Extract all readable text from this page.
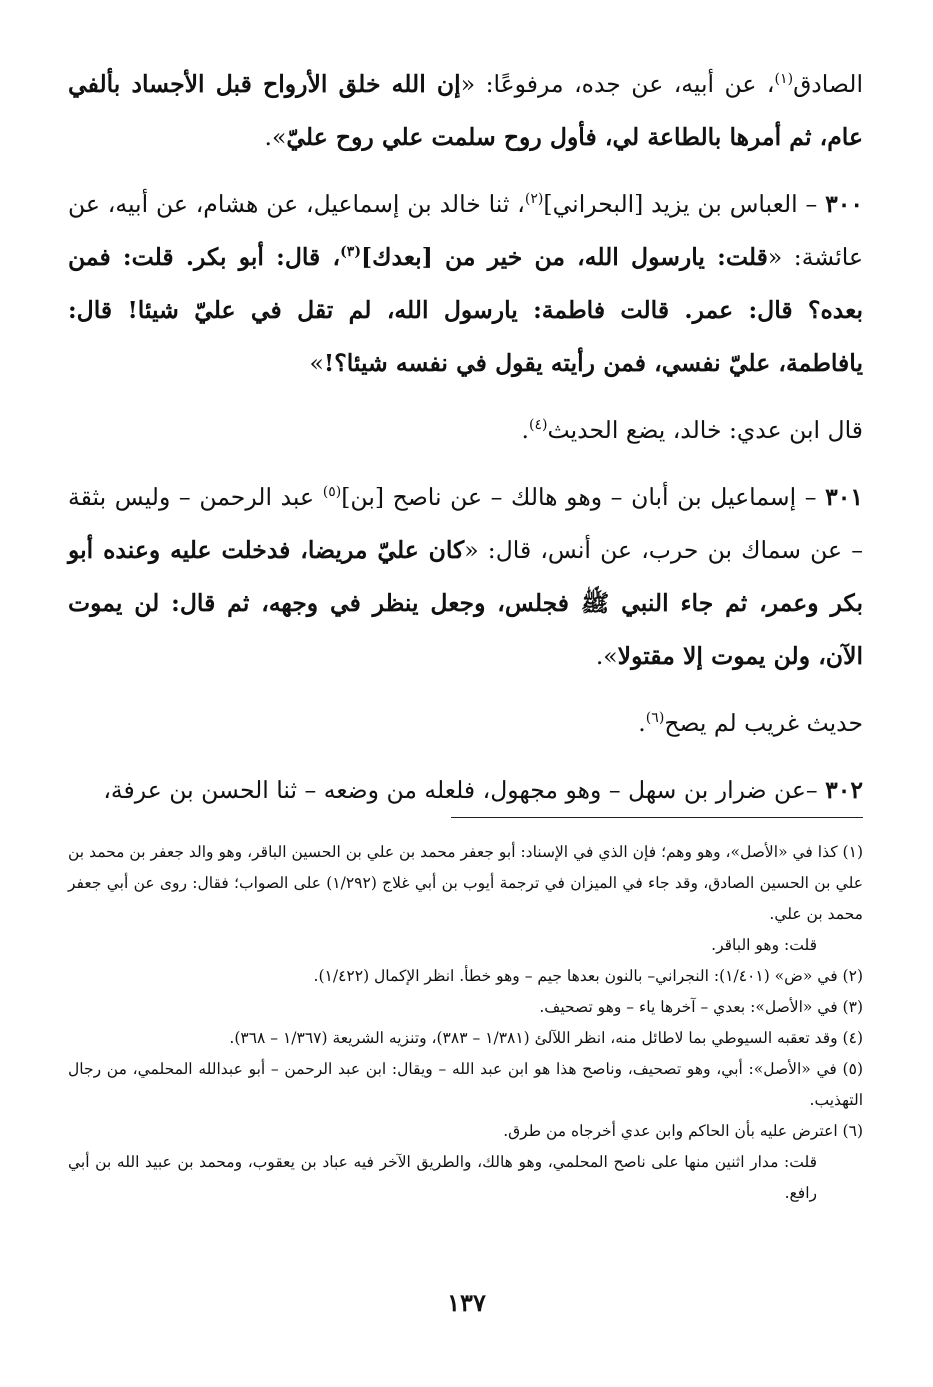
الصادق$^{(١)}$، عن أبيه، عن جده، مرفوعًا: «إن الله خلق الأرواح قبل الأجساد بألفي عام، ثم أمرها بالطاعة لي، فأول روح سلمت علي روح عليّ».

٣٠٠ – العباس بن يزيد [البحراني]$^{(٢)}$، ثنا خالد بن إسماعيل، عن هشام، عن أبيه، عن عائشة: «قلت: يارسول الله، من خير من [بعدك]$^{(٣)}$، قال: أبو بكر. قلت: فمن بعده؟ قال: عمر. قالت فاطمة: يارسول الله، لم تقل في عليّ شيئا! قال: يافاطمة، عليّ نفسي، فمن رأيته يقول في نفسه شيئا؟!»

قال ابن عدي: خالد، يضع الحديث$^{(٤)}$.

٣٠١ – إسماعيل بن أبان – وهو هالك – عن ناصح [بن]$^{(٥)}$ عبد الرحمن – وليس بثقة – عن سماك بن حرب، عن أنس، قال: «كان عليّ مريضا، فدخلت عليه وعنده أبو بكر وعمر، ثم جاء النبي ﷺ فجلس، وجعل ينظر في وجهه، ثم قال: لن يموت الآن، ولن يموت إلا مقتولا».

حديث غريب لم يصح$^{(٦)}$.

٣٠٢ –عن ضرار بن سهل – وهو مجهول، فلعله من وضعه – ثنا الحسن بن عرفة،

(١) كذا في «الأصل»، وهو وهم؛ فإن الذي في الإسناد: أبو جعفر محمد بن علي بن الحسين الباقر، وهو والد جعفر بن محمد بن علي بن الحسين الصادق، وقد جاء في الميزان في ترجمة أيوب بن أبي غلاج (١/٢٩٢) على الصواب؛ فقال: روى عن أبي جعفر محمد بن علي.

قلت: وهو الباقر.

(٢) في «ض» (١/٤٠١): النجراني– بالنون بعدها جيم – وهو خطأ. انظر الإكمال (١/٤٢٢).

(٣) في «الأصل»: بعدي – آخرها ياء – وهو تصحيف.

(٤) وقد تعقبه السيوطي بما لاطائل منه، انظر اللآلئ (١/٣٨١ – ٣٨٣)، وتنزيه الشريعة (١/٣٦٧ – ٣٦٨).

(٥) في «الأصل»: أبي، وهو تصحيف، وناصح هذا هو ابن عبد الله – ويقال: ابن عبد الرحمن – أبو عبدالله المحلمي، من رجال التهذيب.

(٦) اعترض عليه بأن الحاكم وابن عدي أخرجاه من طرق.

قلت: مدار اثنين منها على ناصح المحلمي، وهو هالك، والطريق الآخر فيه عباد بن يعقوب، ومحمد بن عبيد الله بن أبي رافع.

١٣٧
